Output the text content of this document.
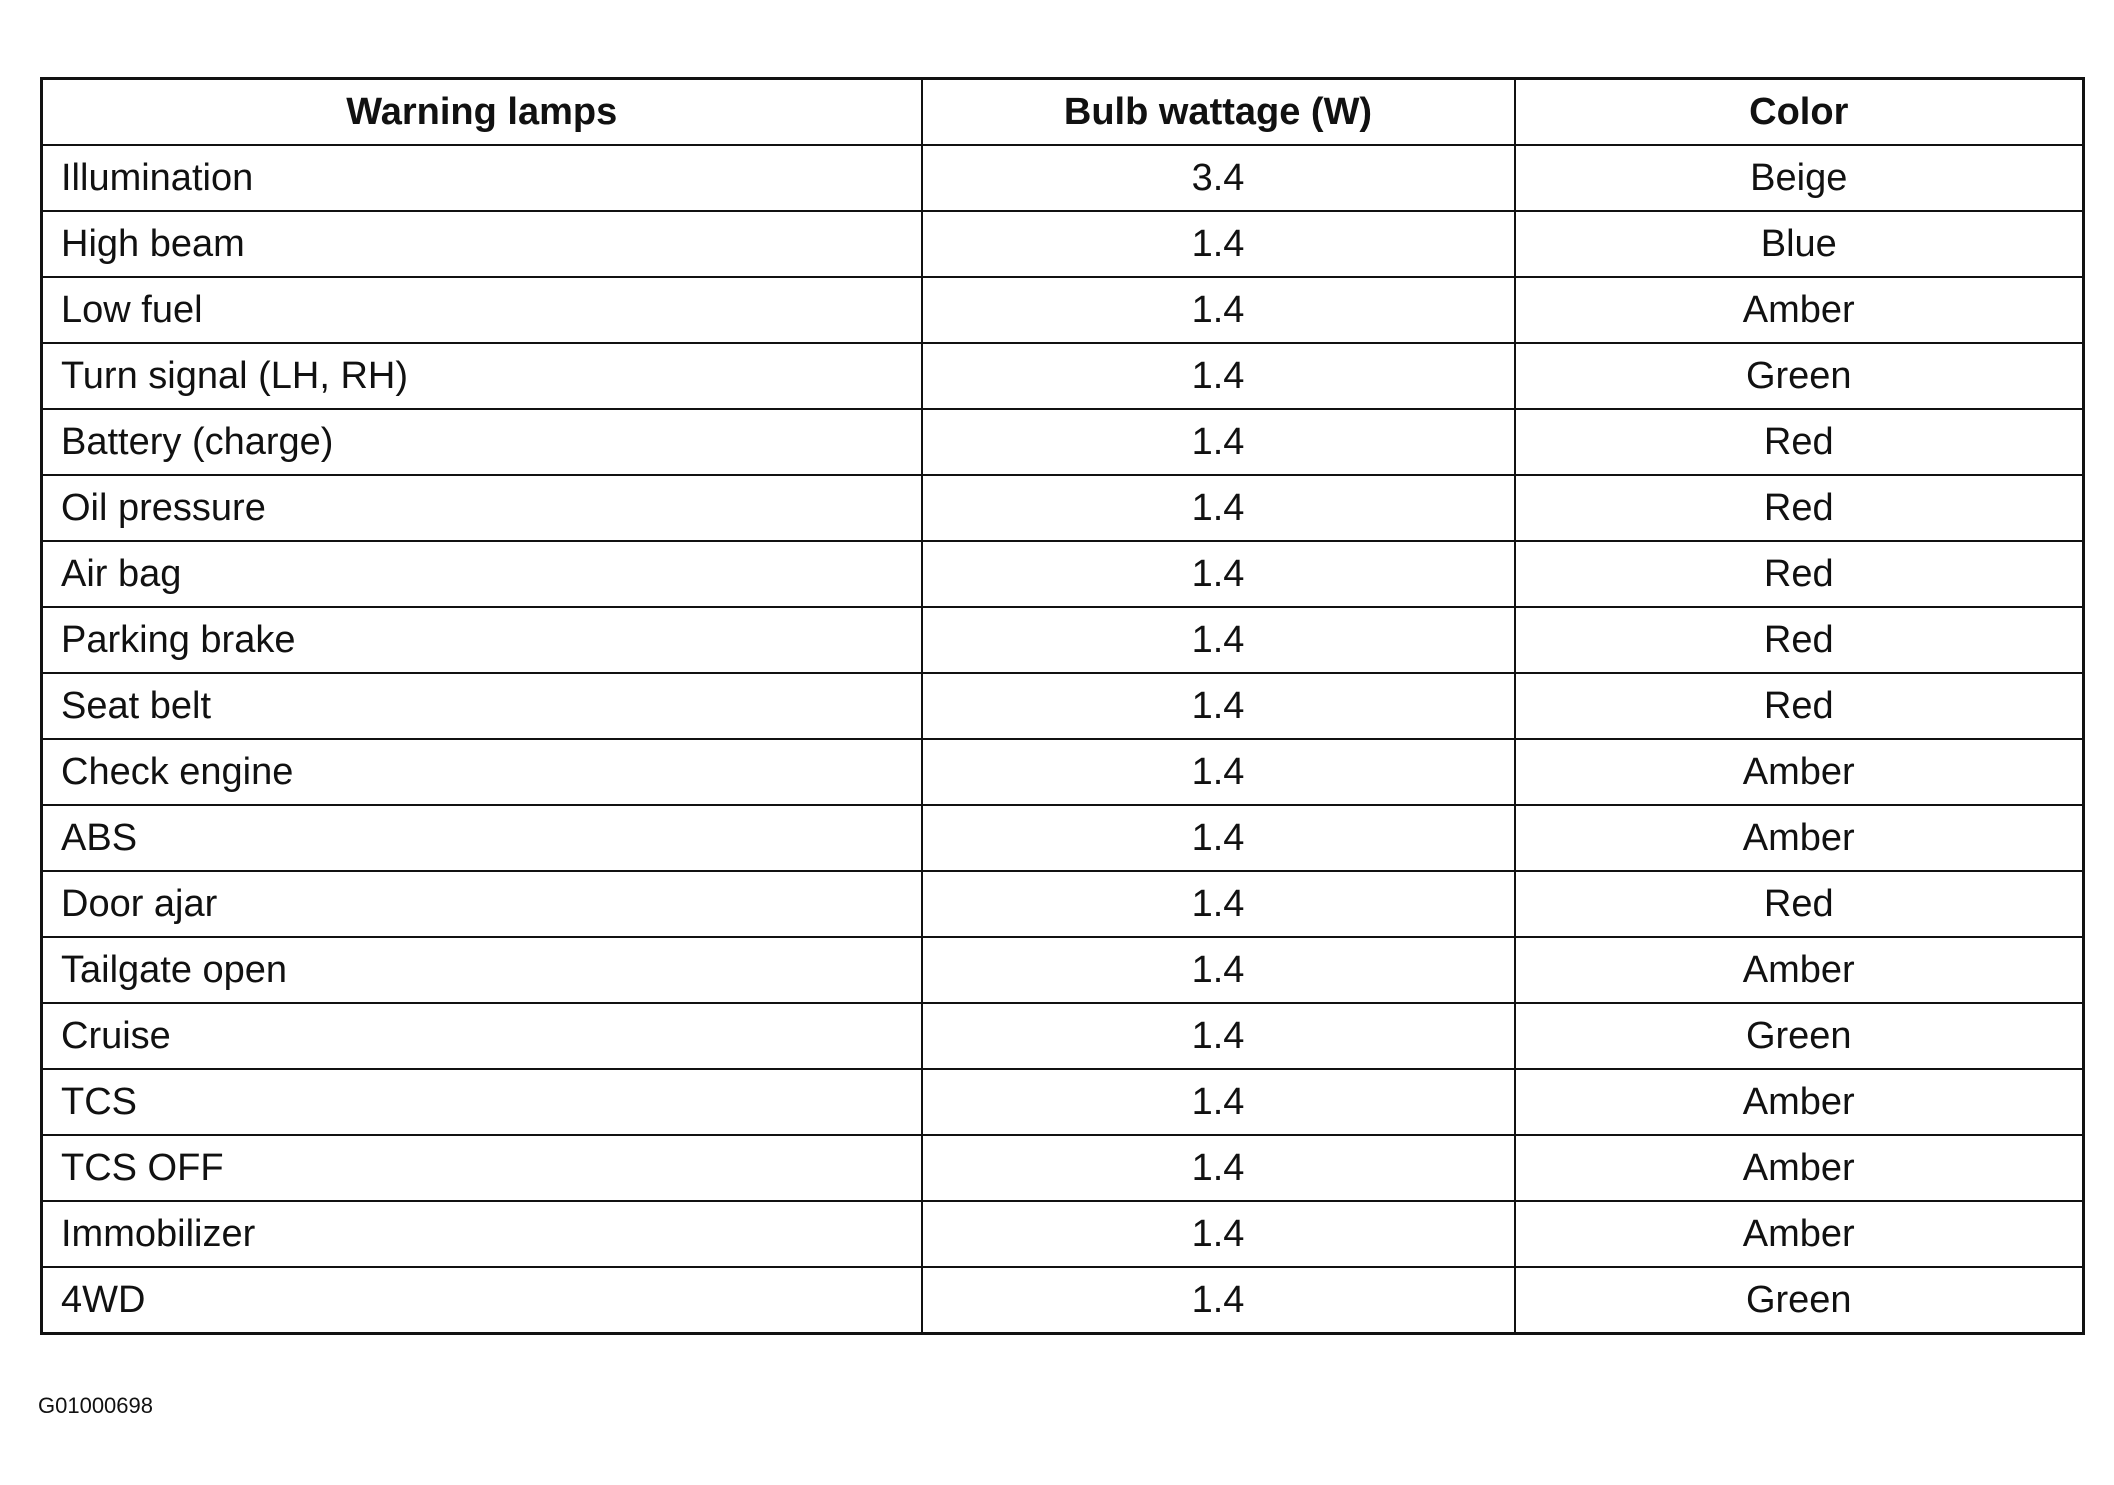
Warning lamps	Bulb wattage (W)	Color
Illumination	3.4	Beige
High beam	1.4	Blue
Low fuel	1.4	Amber
Turn signal (LH, RH)	1.4	Green
Battery (charge)	1.4	Red
Oil pressure	1.4	Red
Air bag	1.4	Red
Parking brake	1.4	Red
Seat belt	1.4	Red
Check engine	1.4	Amber
ABS	1.4	Amber
Door ajar	1.4	Red
Tailgate open	1.4	Amber
Cruise	1.4	Green
TCS	1.4	Amber
TCS OFF	1.4	Amber
Immobilizer	1.4	Amber
4WD	1.4	Green
G01000698
